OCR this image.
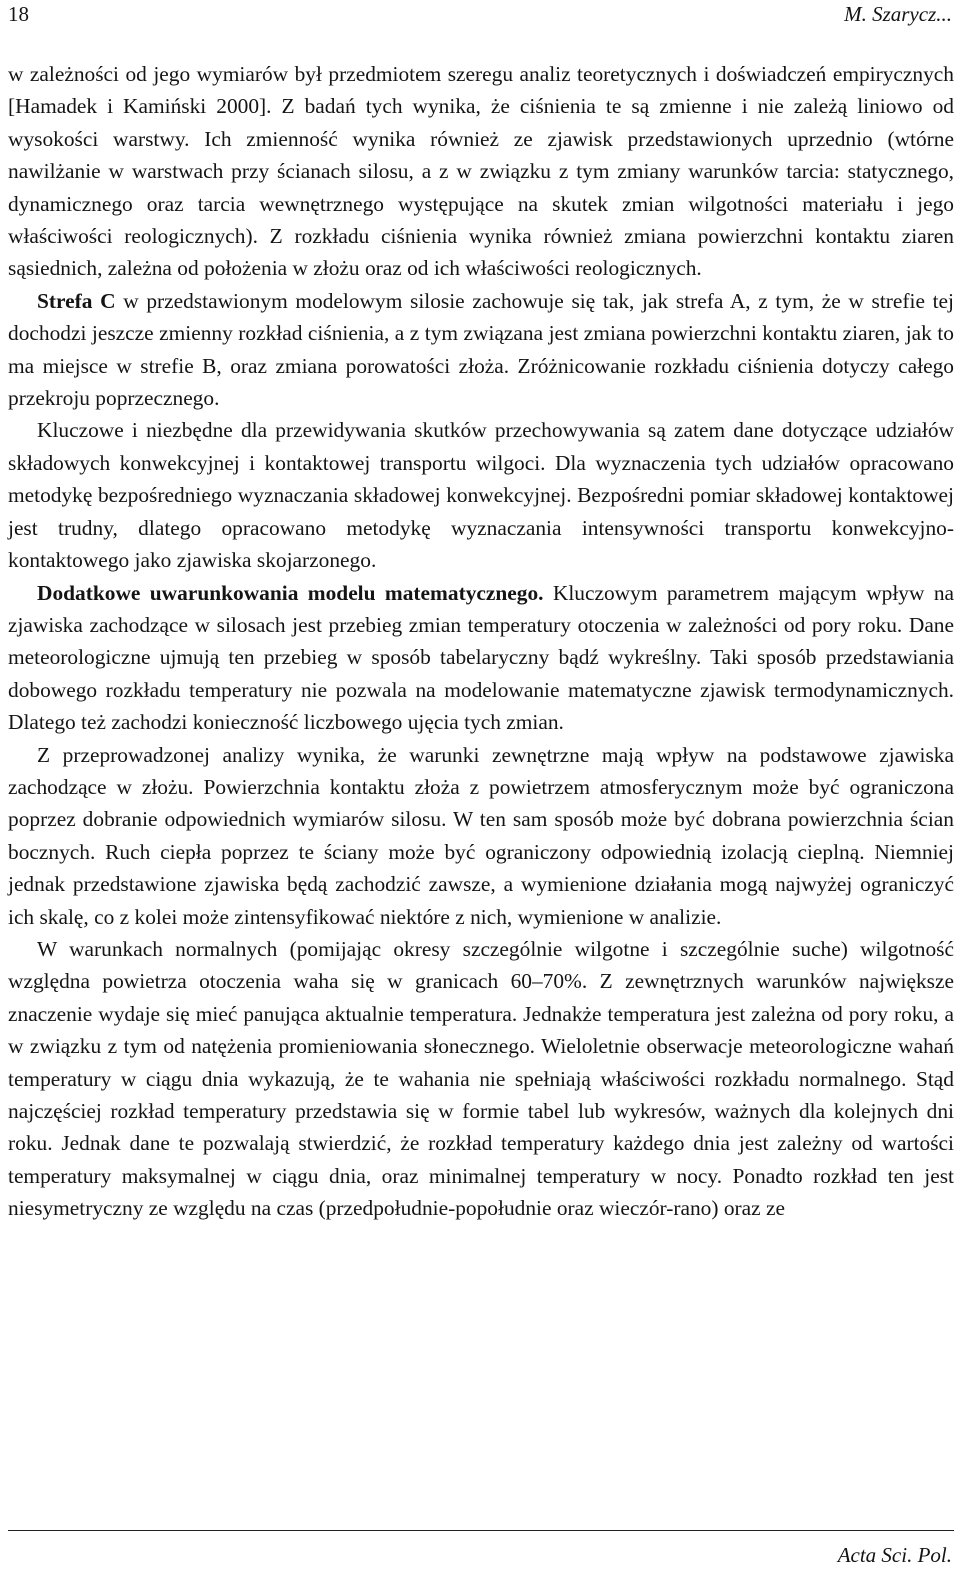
18	M. Szarycz...

w zależności od jego wymiarów był przedmiotem szeregu analiz teoretycznych i doświadczeń empirycznych [Hamadek i Kamiński 2000]. Z badań tych wynika, że ciśnienia te są zmienne i nie zależą liniowo od wysokości warstwy. Ich zmienność wynika również ze zjawisk przedstawionych uprzednio (wtórne nawilżanie w warstwach przy ścianach silosu, a z w związku z tym zmiany warunków tarcia: statycznego, dynamicznego oraz tarcia wewnętrznego występujące na skutek zmian wilgotności materiału i jego właściwości reologicznych). Z rozkładu ciśnienia wynika również zmiana powierzchni kontaktu ziaren sąsiednich, zależna od położenia w złożu oraz od ich właściwości reologicznych.

Strefa C w przedstawionym modelowym silosie zachowuje się tak, jak strefa A, z tym, że w strefie tej dochodzi jeszcze zmienny rozkład ciśnienia, a z tym związana jest zmiana powierzchni kontaktu ziaren, jak to ma miejsce w strefie B, oraz zmiana porowatości złoża. Zróżnicowanie rozkładu ciśnienia dotyczy całego przekroju poprzecznego.

Kluczowe i niezbędne dla przewidywania skutków przechowywania są zatem dane dotyczące udziałów składowych konwekcyjnej i kontaktowej transportu wilgoci. Dla wyznaczenia tych udziałów opracowano metodykę bezpośredniego wyznaczania składowej konwekcyjnej. Bezpośredni pomiar składowej kontaktowej jest trudny, dlatego opracowano metodykę wyznaczania intensywności transportu konwekcyjno-kontaktowego jako zjawiska skojarzonego.

Dodatkowe uwarunkowania modelu matematycznego. Kluczowym parametrem mającym wpływ na zjawiska zachodzące w silosach jest przebieg zmian temperatury otoczenia w zależności od pory roku. Dane meteorologiczne ujmują ten przebieg w sposób tabelaryczny bądź wykreślny. Taki sposób przedstawiania dobowego rozkładu temperatury nie pozwala na modelowanie matematyczne zjawisk termodynamicznych. Dlatego też zachodzi konieczność liczbowego ujęcia tych zmian.

Z przeprowadzonej analizy wynika, że warunki zewnętrzne mają wpływ na podstawowe zjawiska zachodzące w złożu. Powierzchnia kontaktu złoża z powietrzem atmosferycznym może być ograniczona poprzez dobranie odpowiednich wymiarów silosu. W ten sam sposób może być dobrana powierzchnia ścian bocznych. Ruch ciepła poprzez te ściany może być ograniczony odpowiednią izolacją cieplną. Niemniej jednak przedstawione zjawiska będą zachodzić zawsze, a wymienione działania mogą najwyżej ograniczyć ich skalę, co z kolei może zintensyfikować niektóre z nich, wymienione w analizie.

W warunkach normalnych (pomijając okresy szczególnie wilgotne i szczególnie suche) wilgotność względna powietrza otoczenia waha się w granicach 60–70%. Z zewnętrznych warunków największe znaczenie wydaje się mieć panująca aktualnie temperatura. Jednakże temperatura jest zależna od pory roku, a w związku z tym od natężenia promieniowania słonecznego. Wieloletnie obserwacje meteorologiczne wahań temperatury w ciągu dnia wykazują, że te wahania nie spełniają właściwości rozkładu normalnego. Stąd najczęściej rozkład temperatury przedstawia się w formie tabel lub wykresów, ważnych dla kolejnych dni roku. Jednak dane te pozwalają stwierdzić, że rozkład temperatury każdego dnia jest zależny od wartości temperatury maksymalnej w ciągu dnia, oraz minimalnej temperatury w nocy. Ponadto rozkład ten jest niesymetryczny ze względu na czas (przedpołudnie-popołudnie oraz wieczór-rano) oraz ze

Acta Sci. Pol.
